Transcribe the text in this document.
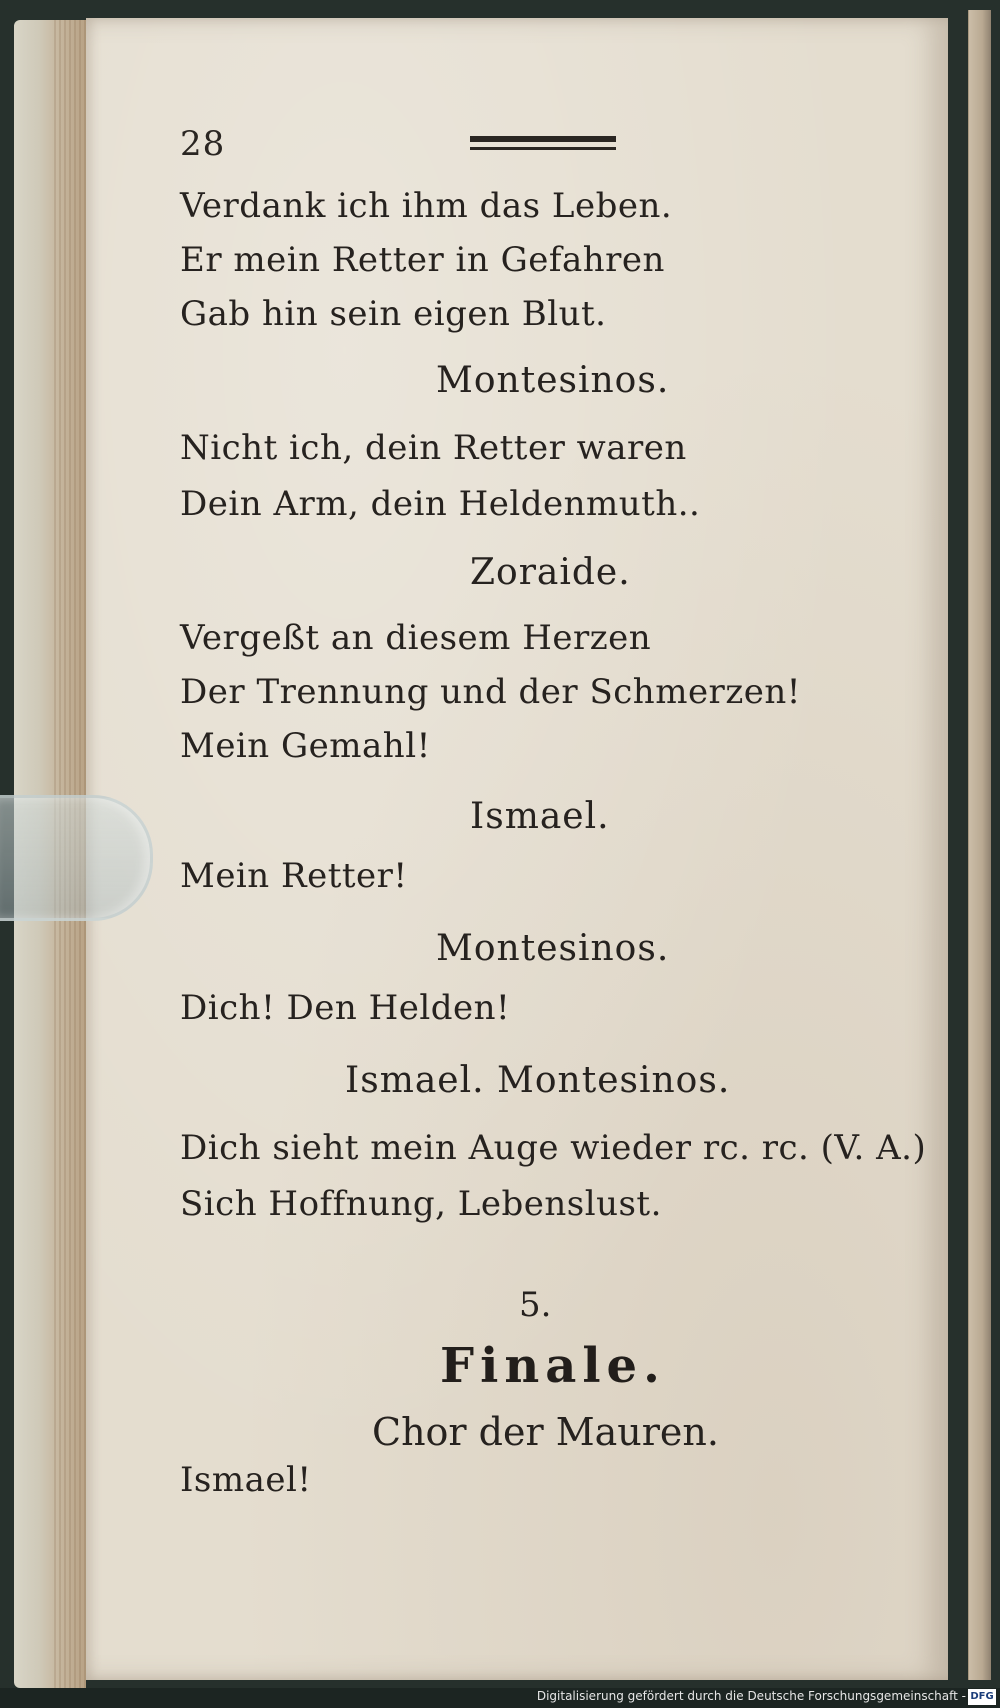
28
Verdank ich ihm das Leben.
Er mein Retter in Gefahren
Gab hin sein eigen Blut.
Montesinos.
Nicht ich, dein Retter waren
Dein Arm, dein Heldenmuth..
Zoraide.
Vergeßt an diesem Herzen
Der Trennung und der Schmerzen!
Mein Gemahl!
Ismael.
Mein Retter!
Montesinos.
Dich! Den Helden!
Ismael. Montesinos.
Dich sieht mein Auge wieder rc. rc. (V. A.)
Sich Hoffnung, Lebenslust.
5.
Finale.
Chor der Mauren.
Ismael!
Digitalisierung gefördert durch die Deutsche Forschungsgemeinschaft - DFG
